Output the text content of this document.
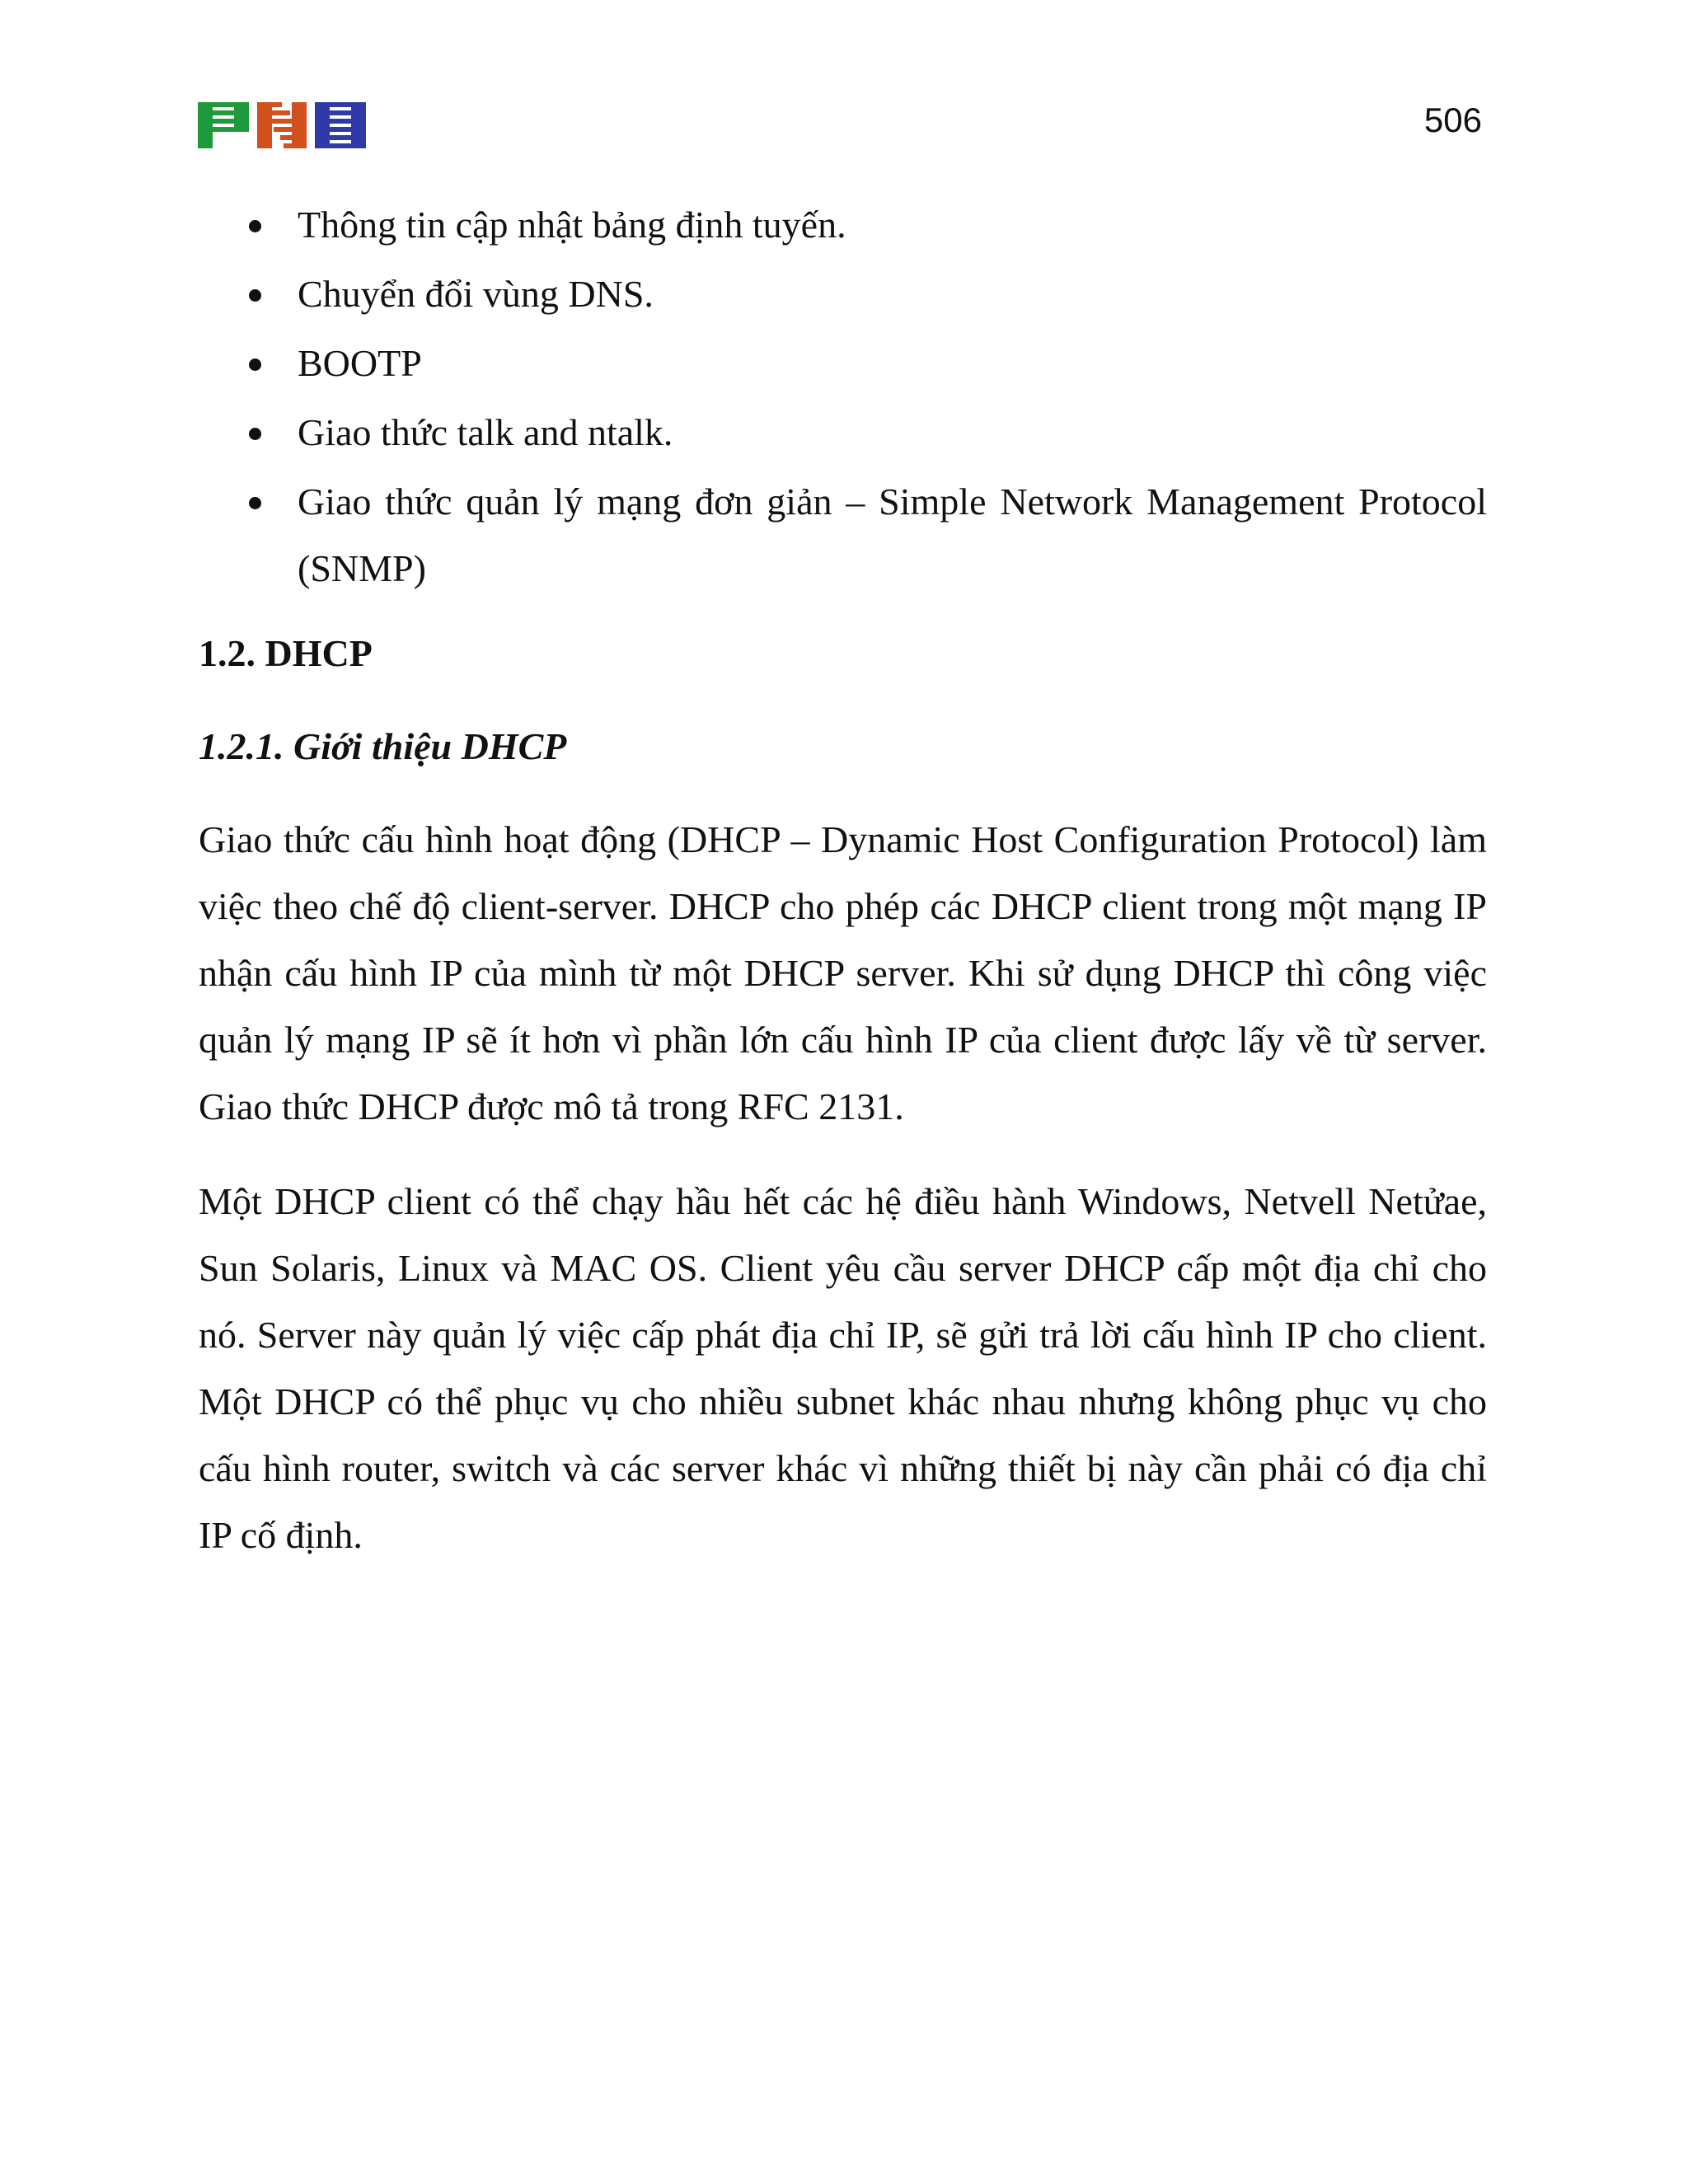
506
Thông tin cập nhật bảng định tuyến.
Chuyển đổi vùng DNS.
BOOTP
Giao thức talk and ntalk.
Giao thức quản lý mạng đơn giản – Simple Network Management Protocol (SNMP)
1.2. DHCP
1.2.1. Giới thiệu DHCP

Giao thức cấu hình hoạt động (DHCP – Dynamic Host Configuration Protocol) làm việc theo chế độ client-server. DHCP cho phép các DHCP client trong một mạng IP nhận cấu hình IP của mình từ một DHCP server. Khi sử dụng DHCP thì công việc quản lý mạng IP sẽ ít hơn vì phần lớn cấu hình IP của client được lấy về từ server. Giao thức DHCP được mô tả trong RFC 2131.

Một DHCP client có thể chạy hầu hết các hệ điều hành Windows, Netvell Netửae, Sun Solaris, Linux và MAC OS. Client yêu cầu server DHCP cấp một địa chỉ cho nó. Server này quản lý việc cấp phát địa chỉ IP, sẽ gửi trả lời cấu hình IP cho client. Một DHCP có thể phục vụ cho nhiều subnet khác nhau nhưng không phục vụ cho cấu hình router, switch và các server khác vì những thiết bị này cần phải có địa chỉ IP cố định.
